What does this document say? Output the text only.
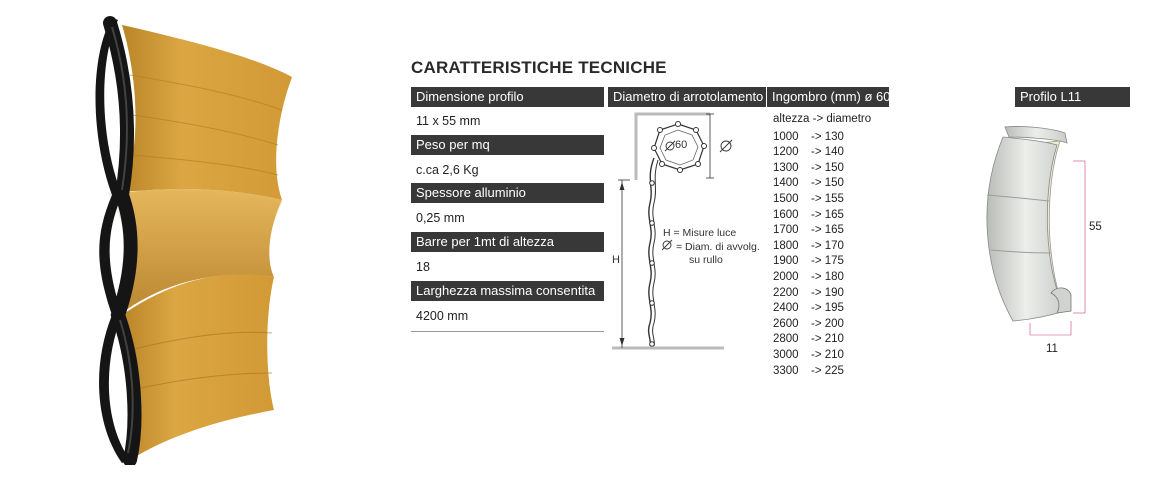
CARATTERISTICHE TECNICHE
Dimensione profilo
11 x 55 mm
Peso per mq
c.ca 2,6 Kg
Spessore alluminio
0,25 mm
Barre per 1mt di altezza
18
Larghezza massima consentita
4200 mm
Diametro di arrotolamento
60
H
H = Misure luce
= Diam. di avvolg.
su rullo
Ingombro (mm) ø 60
altezza -> diametro
1000 -> 130
1200 -> 140
1300 -> 150
1400 -> 150
1500 -> 155
1600 -> 165
1700 -> 165
1800 -> 170
1900 -> 175
2000 -> 180
2200 -> 190
2400 -> 195
2600 -> 200
2800 -> 210
3000 -> 210
3300 -> 225
Profilo L11
55
11
